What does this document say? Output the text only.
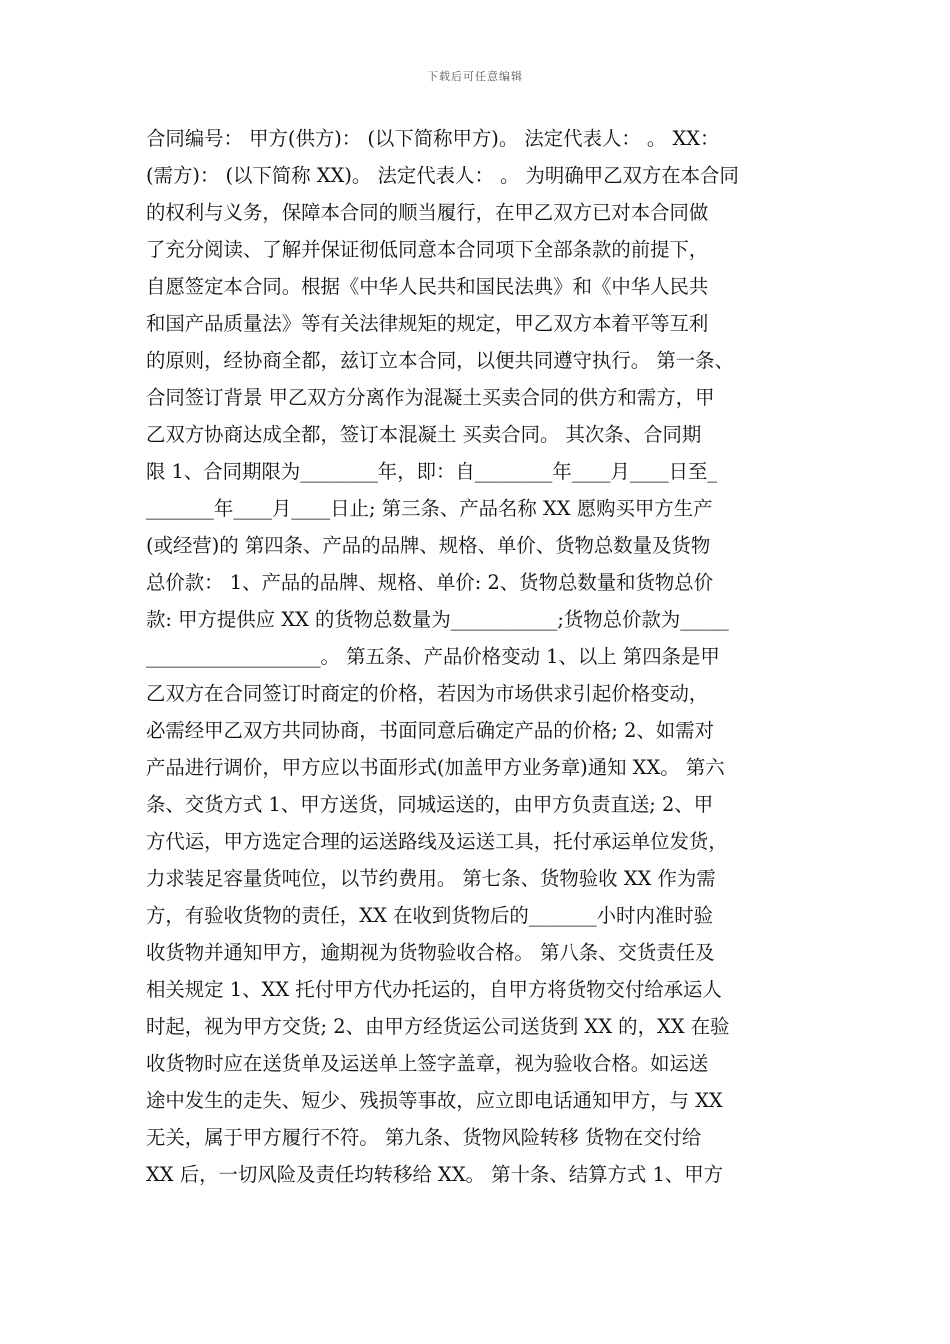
下载后可任意编辑
合同编号： 甲方(供方)： (以下简称甲方)。 法定代表人： 。 XX：
(需方)： (以下简称 XX)。 法定代表人： 。 为明确甲乙双方在本合同
的权利与义务，保障本合同的顺当履行，在甲乙双方已对本合同做
了充分阅读、了解并保证彻低同意本合同项下全部条款的前提下，
自愿签定本合同。根据《中华人民共和国民法典》和《中华人民共
和国产品质量法》等有关法律规矩的规定，甲乙双方本着平等互利
的原则，经协商全都，兹订立本合同，以便共同遵守执行。 第一条、
合同签订背景 甲乙双方分离作为混凝土买卖合同的供方和需方，甲
乙双方协商达成全都，签订本混凝土 买卖合同。 其次条、合同期
限 1、合同期限为________年，即：自________年____月____日至_
_______年____月____日止; 第三条、产品名称 XX 愿购买甲方生产
(或经营)的 第四条、产品的品牌、规格、单价、货物总数量及货物
总价款： 1、产品的品牌、规格、单价: 2、货物总数量和货物总价
款: 甲方提供应 XX 的货物总数量为___________;货物总价款为_____
__________________。 第五条、产品价格变动 1、以上 第四条是甲
乙双方在合同签订时商定的价格，若因为市场供求引起价格变动，
必需经甲乙双方共同协商，书面同意后确定产品的价格; 2、如需对
产品进行调价，甲方应以书面形式(加盖甲方业务章)通知 XX。 第六
条、交货方式 1、甲方送货，同城运送的，由甲方负责直送; 2、甲
方代运，甲方选定合理的运送路线及运送工具，托付承运单位发货，
力求装足容量货吨位，以节约费用。 第七条、货物验收 XX 作为需
方，有验收货物的责任，XX 在收到货物后的_______小时内准时验
收货物并通知甲方，逾期视为货物验收合格。 第八条、交货责任及
相关规定 1、XX 托付甲方代办托运的，自甲方将货物交付给承运人
时起，视为甲方交货; 2、由甲方经货运公司送货到 XX 的，XX 在验
收货物时应在送货单及运送单上签字盖章，视为验收合格。如运送
途中发生的走失、短少、残损等事故，应立即电话通知甲方，与 XX
无关，属于甲方履行不符。 第九条、货物风险转移 货物在交付给
XX 后，一切风险及责任均转移给 XX。 第十条、结算方式 1、甲方
